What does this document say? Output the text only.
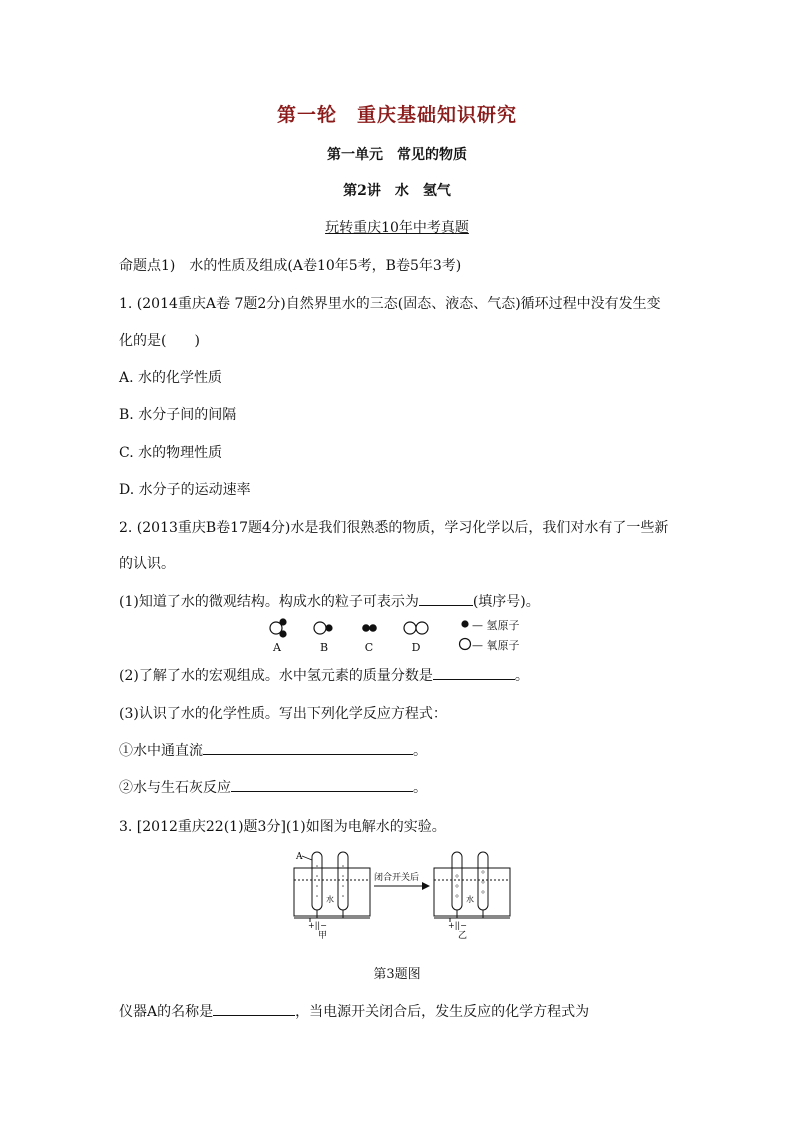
第一轮　重庆基础知识研究
第一单元　常见的物质
第2讲　水　氢气
玩转重庆10年中考真题
命题点1)　水的性质及组成(A卷10年5考，B卷5年3考)
1. (2014重庆A卷 7题2分)自然界里水的三态(固态、液态、气态)循环过程中没有发生变
化的是(　　)
A. 水的化学性质
B. 水分子间的间隔
C. 水的物理性质
D. 水分子的运动速率
2. (2013重庆B卷17题4分)水是我们很熟悉的物质，学习化学以后，我们对水有了一些新
的认识。
(1)知道了水的微观结构。构成水的粒子可表示为	(填序号)。
A	B	C	D
— 氢原子
— 氧原子
(2)了解了水的宏观组成。水中氢元素的质量分数是	。
(3)认识了水的化学性质。写出下列化学反应方程式：
①水中通直流	。
②水与生石灰反应	。
3. [2012重庆22(1)题3分](1)如图为电解水的实验。
A
水
甲
+||−
闭合开关后
水
乙
+||−
第3题图
仪器A的名称是	，当电源开关闭合后，发生反应的化学方程式为
